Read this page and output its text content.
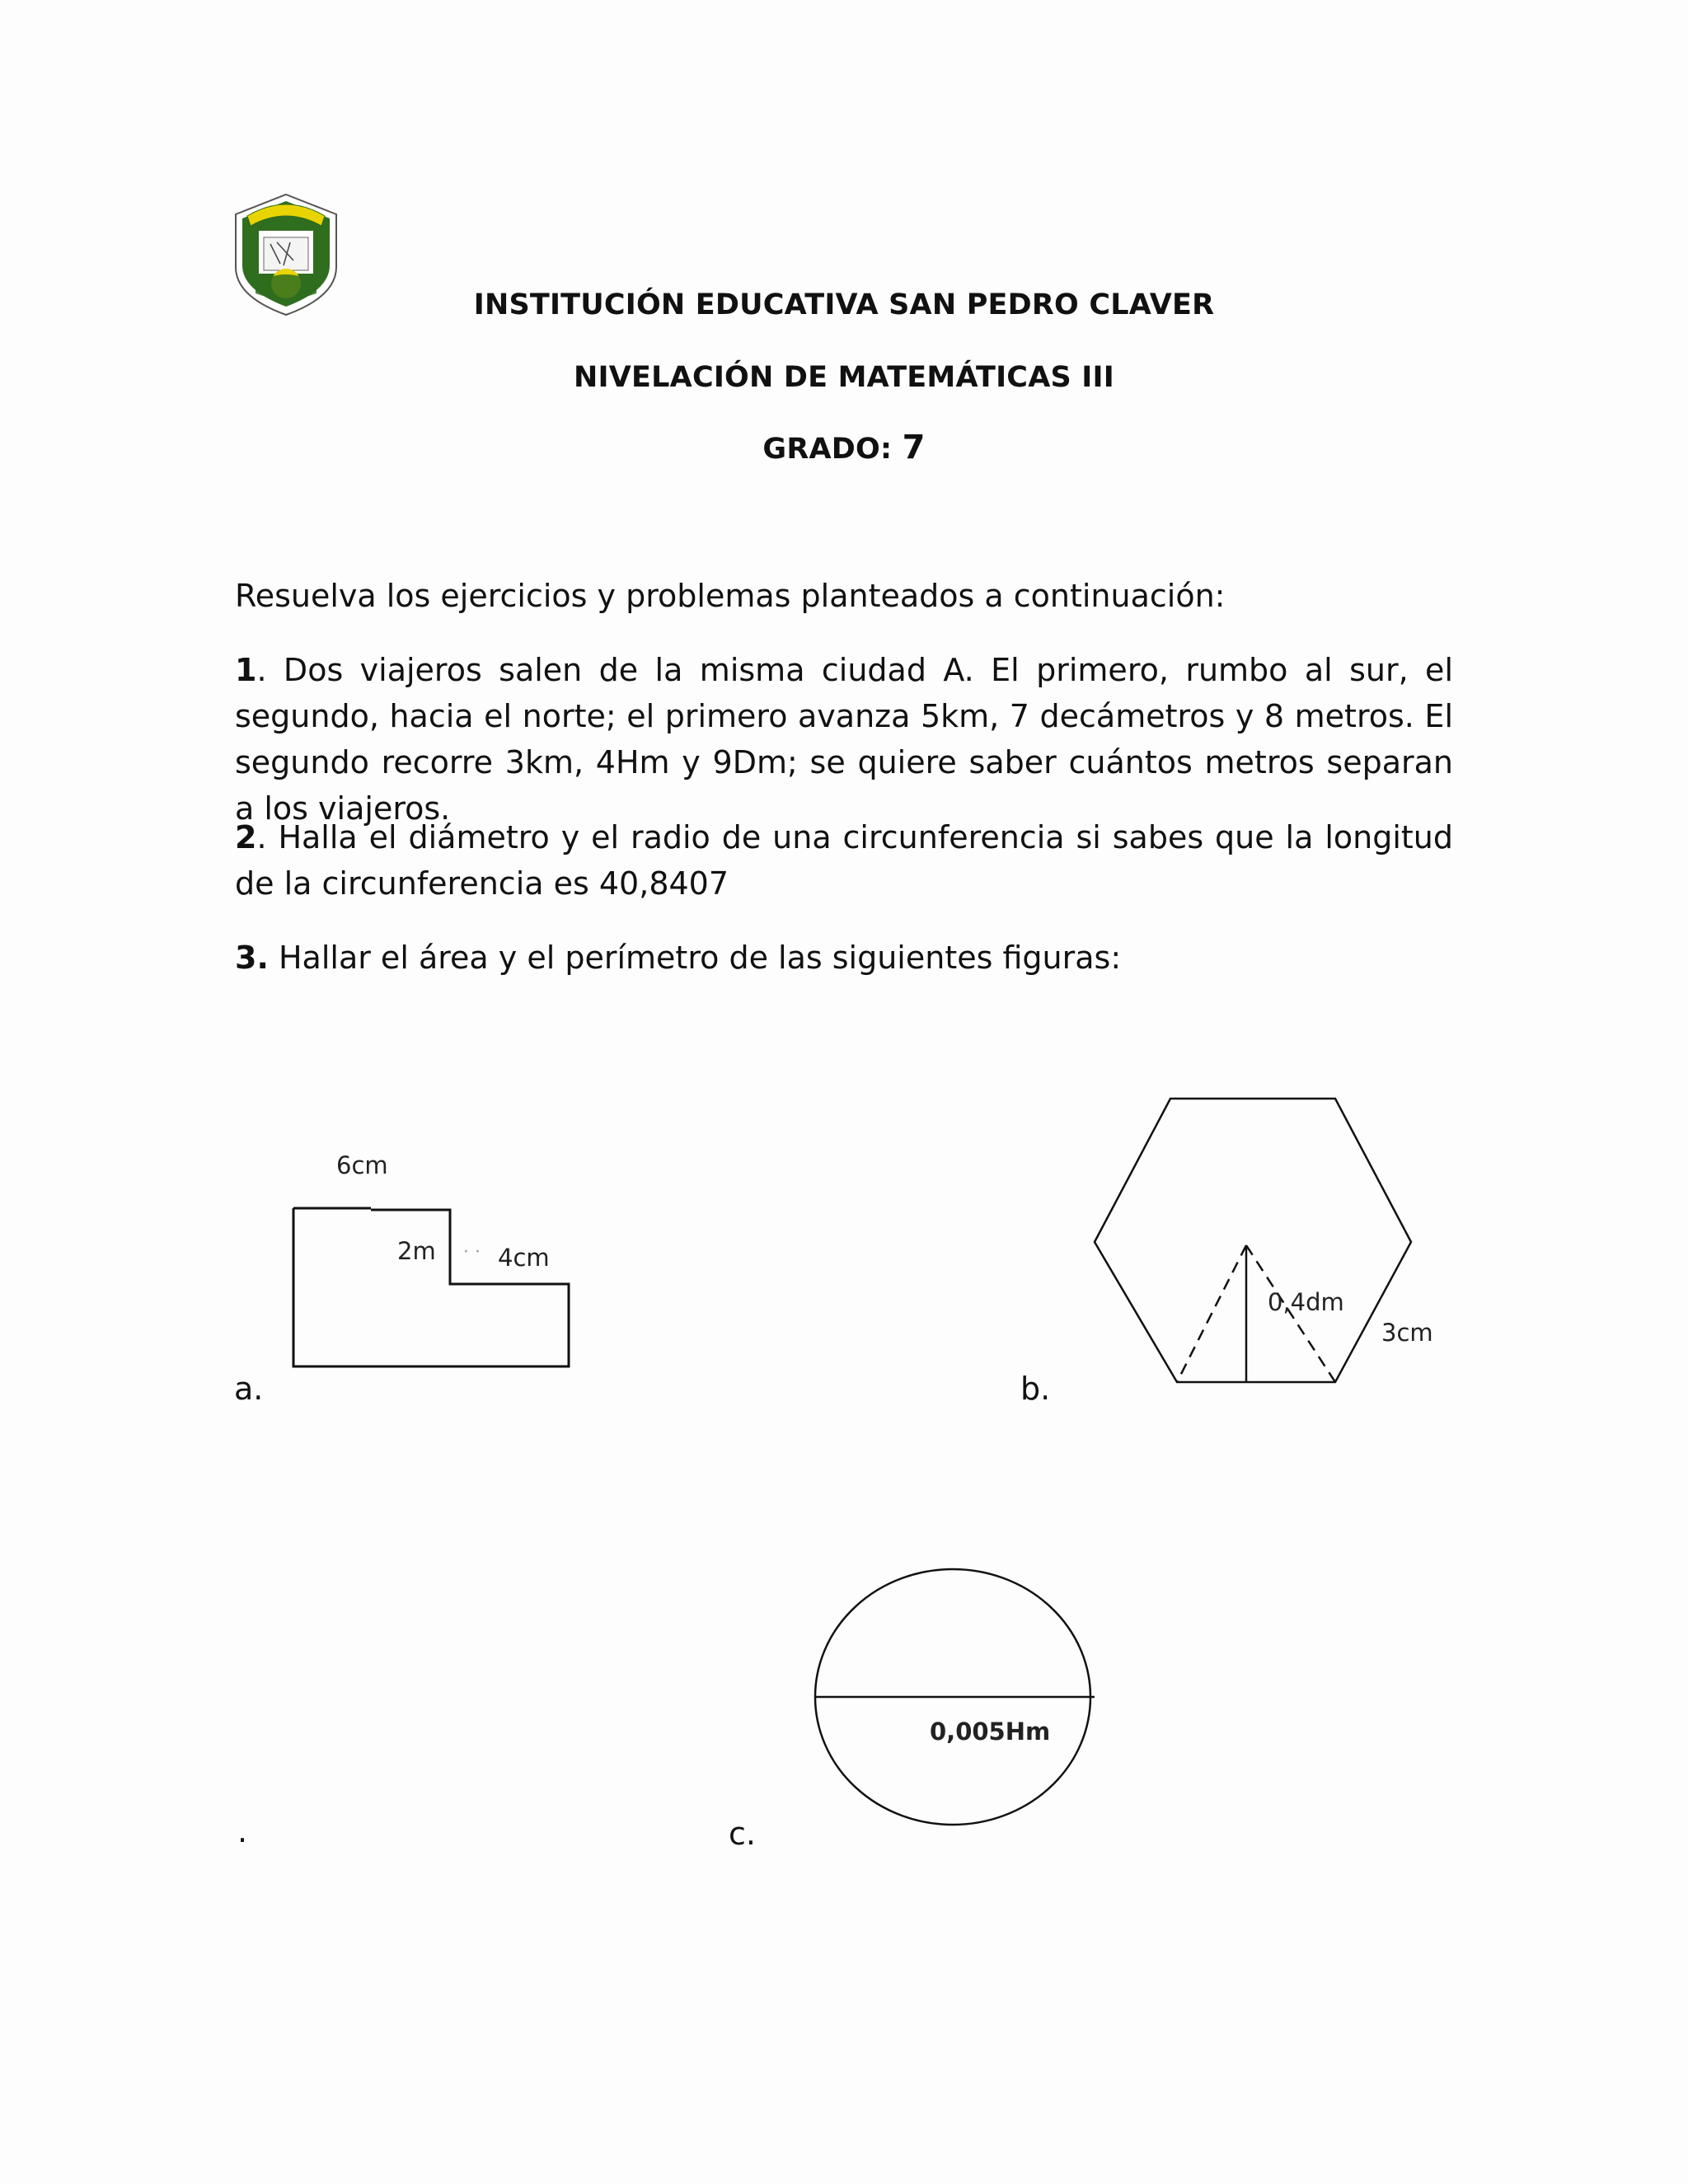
INSTITUCIÓN EDUCATIVA SAN PEDRO CLAVER
NIVELACIÓN DE MATEMÁTICAS III
GRADO: 7
Resuelva los ejercicios y problemas planteados a continuación:
1. Dos viajeros salen de la misma ciudad A. El primero, rumbo al sur, el segundo, hacia el norte; el primero avanza 5km, 7 decámetros y 8 metros. El segundo recorre 3km, 4Hm y 9Dm; se quiere saber cuántos metros separan a los viajeros.
2. Halla el diámetro y el radio de una circunferencia si sabes que la longitud de la circunferencia es 40,8407
3. Hallar el área y el perímetro de las siguientes figuras:
6cm
2m · · 4cm
a.
0,4dm
3cm
b.
0,005Hm
.	c.
